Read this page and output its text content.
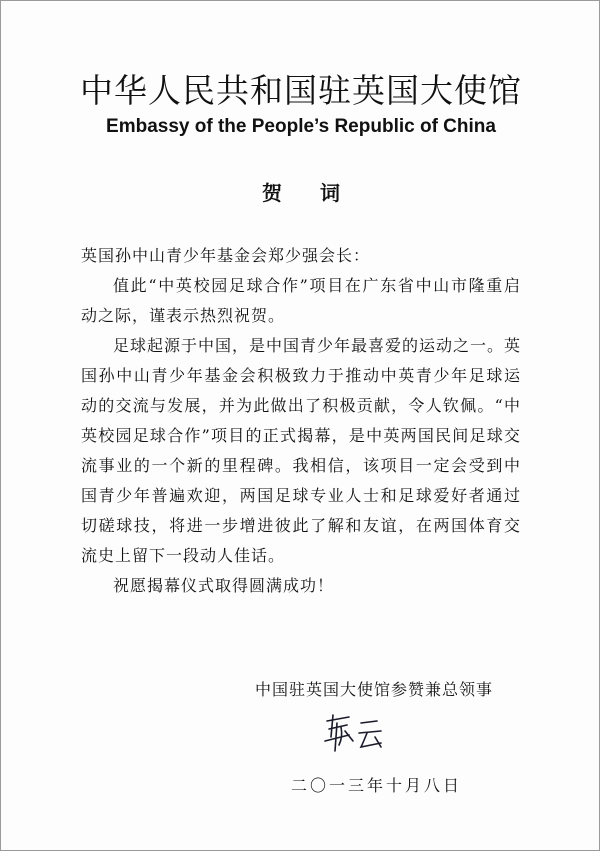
中华人民共和国驻英国大使馆
Embassy of the People’s Republic of China
贺词

英国孙中山青少年基金会郑少强会长：

值此“中英校园足球合作”项目在广东省中山市隆重启动之际，谨表示热烈祝贺。

足球起源于中国，是中国青少年最喜爱的运动之一。英国孙中山青少年基金会积极致力于推动中英青少年足球运动的交流与发展，并为此做出了积极贡献，令人钦佩。“中英校园足球合作”项目的正式揭幕，是中英两国民间足球交流事业的一个新的里程碑。我相信，该项目一定会受到中国青少年普遍欢迎，两国足球专业人士和足球爱好者通过切磋球技，将进一步增进彼此了解和友谊，在两国体育交流史上留下一段动人佳话。

祝愿揭幕仪式取得圆满成功！

中国驻英国大使馆参赞兼总领事
二〇一三年十月八日
